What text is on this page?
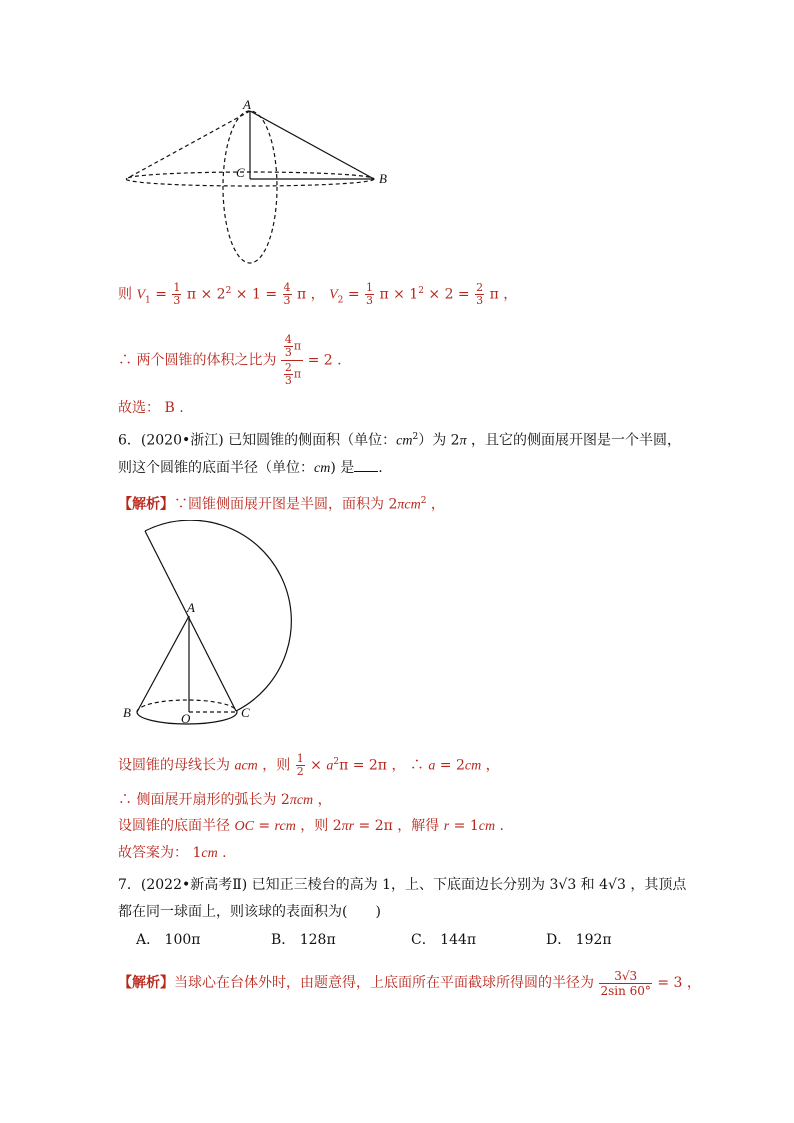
A
C	B
则 $V_1 = \frac{1}{3}$ $\pi \times 2^2 \times 1 = \frac{4}{3}$ π ， $V_2 = \frac{1}{3}$ $\pi \times 1^2 \times 2 = \frac{2}{3}$ π ，
∴ 两个圆锥的体积之比为 $\frac{\frac{4}{3} \pi}{\frac{2}{3} \pi} = 2$ .
故选： B .
6．(2020•浙江) 已知圆锥的侧面积（单位：$cm^2$）为 2π ，且它的侧面展开图是一个半圆，
则这个圆锥的底面半径（单位：cm) 是 .
【解析】∵圆锥侧面展开图是半圆，面积为 2πcm$^2$ ，
A
B	O	C
设圆锥的母线长为 acm ，则 $\frac{1}{2} \times a^2\pi = 2\pi$ ， ∴ a = 2cm ，
∴ 侧面展开扇形的弧长为 2πcm ，
设圆锥的底面半径 OC = rcm ，则 2πr = 2π ，解得 r = 1cm .
故答案为： 1cm .
7．(2022•新高考Ⅱ) 已知正三棱台的高为 1，上、下底面边长分别为 3√3 和 4√3 ，其顶点
都在同一球面上，则该球的表面积为(　　)
A． 100π	B． 128π	C． 144π	D． 192π
【解析】当球心在台体外时，由题意得，上底面所在平面截球所得圆的半径为 $\frac{3√3}{2\sin 60^\circ} = 3$ ，
